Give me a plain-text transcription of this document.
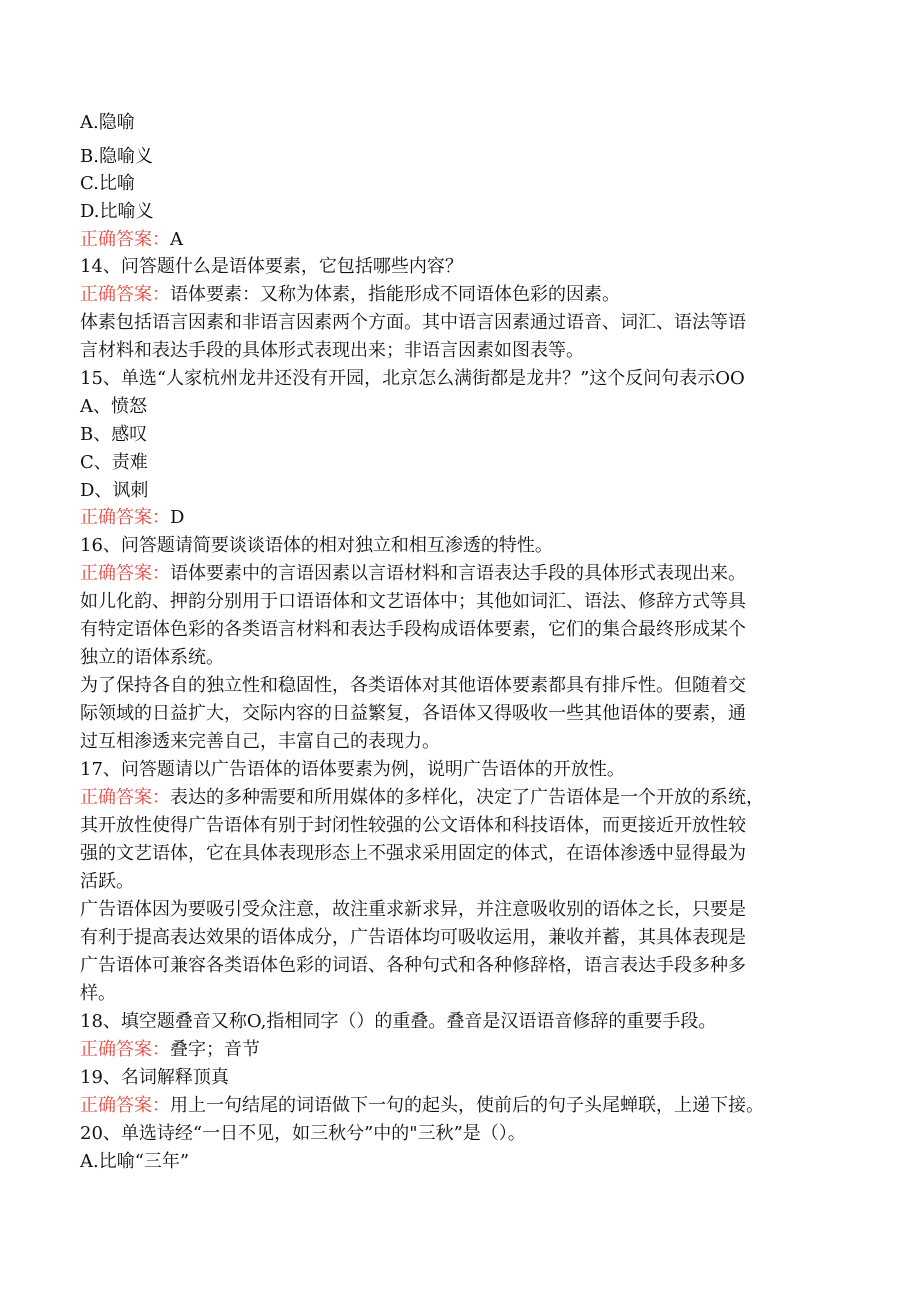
A.隐喻
B.隐喻义
C.比喻
D.比喻义
正确答案：A
14、问答题什么是语体要素，它包括哪些内容？
正确答案：语体要素：又称为体素，指能形成不同语体色彩的因素。
体素包括语言因素和非语言因素两个方面。其中语言因素通过语音、词汇、语法等语
言材料和表达手段的具体形式表现出来；非语言因素如图表等。
15、单选“人家杭州龙井还没有开园，北京怎么满街都是龙井？”这个反问句表示OO
A、愤怒
B、感叹
C、责难
D、讽刺
正确答案：D
16、问答题请简要谈谈语体的相对独立和相互渗透的特性。
正确答案：语体要素中的言语因素以言语材料和言语表达手段的具体形式表现出来。
如儿化韵、押韵分别用于口语语体和文艺语体中；其他如词汇、语法、修辞方式等具
有特定语体色彩的各类语言材料和表达手段构成语体要素，它们的集合最终形成某个
独立的语体系统。
为了保持各自的独立性和稳固性，各类语体对其他语体要素都具有排斥性。但随着交
际领域的日益扩大，交际内容的日益繁复，各语体又得吸收一些其他语体的要素，通
过互相渗透来完善自己，丰富自己的表现力。
17、问答题请以广告语体的语体要素为例，说明广告语体的开放性。
正确答案：表达的多种需要和所用媒体的多样化，决定了广告语体是一个开放的系统，
其开放性使得广告语体有别于封闭性较强的公文语体和科技语体，而更接近开放性较
强的文艺语体，它在具体表现形态上不强求采用固定的体式，在语体渗透中显得最为
活跃。
广告语体因为要吸引受众注意，故注重求新求异，并注意吸收别的语体之长，只要是
有利于提高表达效果的语体成分，广告语体均可吸收运用，兼收并蓄，其具体表现是
广告语体可兼容各类语体色彩的词语、各种句式和各种修辞格，语言表达手段多种多
样。
18、填空题叠音又称O,指相同字（）的重叠。叠音是汉语语音修辞的重要手段。
正确答案：叠字；音节
19、名词解释顶真
正确答案：用上一句结尾的词语做下一句的起头，使前后的句子头尾蝉联，上递下接。
20、单选诗经“一日不见，如三秋兮”中的"三秋”是（）。
A.比喻“三年”
